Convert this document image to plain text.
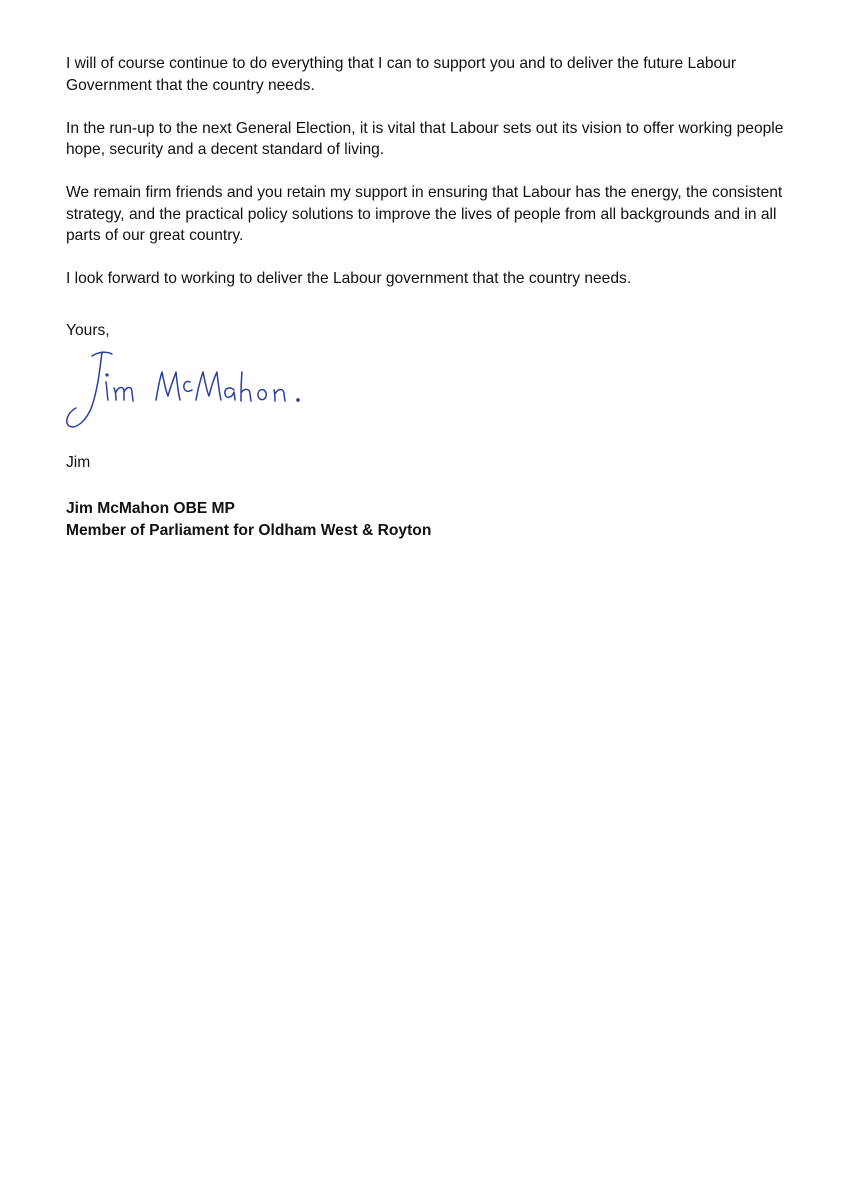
I will of course continue to do everything that I can to support you and to deliver the future Labour Government that the country needs.

In the run-up to the next General Election, it is vital that Labour sets out its vision to offer working people hope, security and a decent standard of living.

We remain firm friends and you retain my support in ensuring that Labour has the energy, the consistent strategy, and the practical policy solutions to improve the lives of people from all backgrounds and in all parts of our great country.

I look forward to working to deliver the Labour government that the country needs.

Yours,
Jim
Jim McMahon OBE MP
Member of Parliament for Oldham West & Royton
